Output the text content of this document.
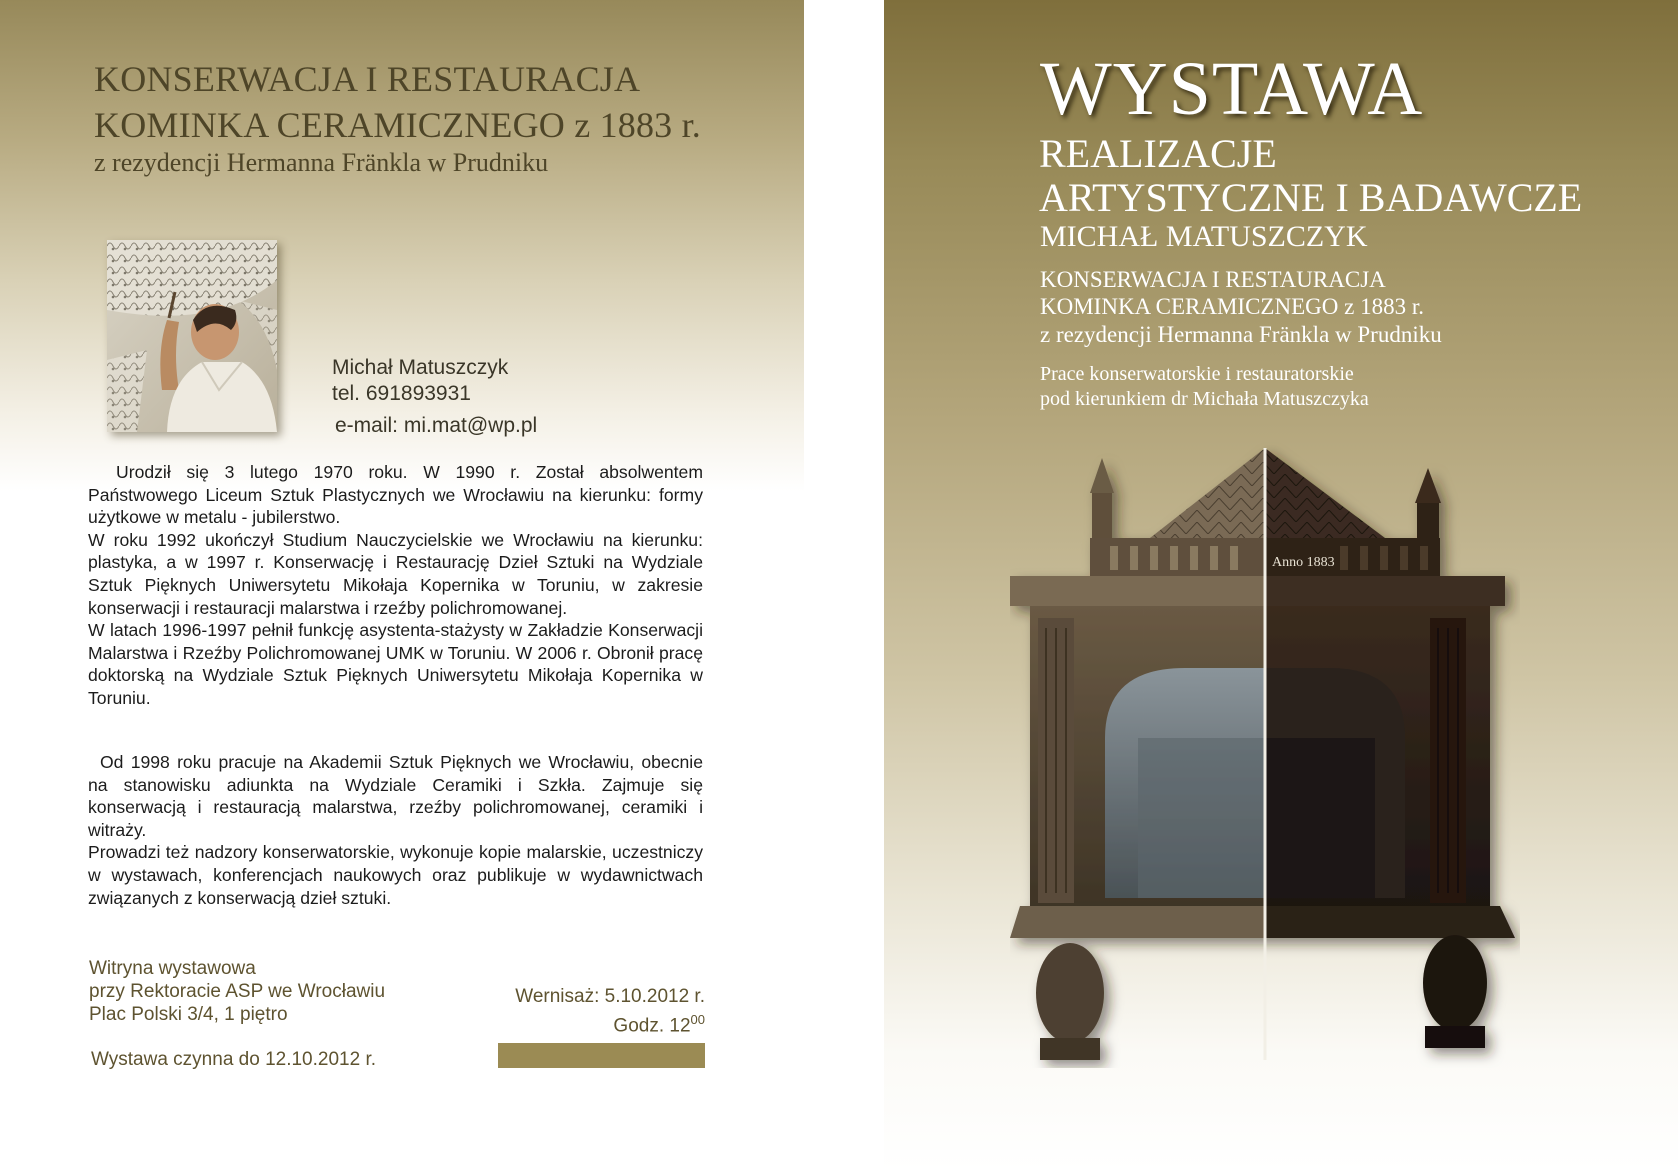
KONSERWACJA I RESTAURACJA
KOMINKA CERAMICZNEGO z 1883 r.
z rezydencji Hermanna Fränkla w Prudniku
Michał Matuszczyk
tel. 691893931
e-mail: mi.mat@wp.pl

Urodził się 3 lutego 1970 roku. W 1990 r. Został absolwentem Państwowego Liceum Sztuk Plastycznych we Wrocławiu na kierunku: formy użytkowe w metalu - jubilerstwo.

W roku 1992 ukończył Studium Nauczycielskie we Wrocławiu na kierunku: plastyka, a w 1997 r. Konserwację i Restaurację Dzieł Sztuki na Wydziale Sztuk Pięknych Uniwersytetu Mikołaja Kopernika w Toruniu, w zakresie konserwacji i restauracji malarstwa i rzeźby polichromowanej.

W latach 1996-1997 pełnił funkcję asystenta-stażysty w Zakładzie Konserwacji Malarstwa i Rzeźby Polichromowanej UMK w Toruniu. W 2006 r. Obronił pracę doktorską na Wydziale Sztuk Pięknych Uniwersytetu Mikołaja Kopernika w Toruniu.

Od 1998 roku pracuje na Akademii Sztuk Pięknych we Wrocławiu, obecnie na stanowisku adiunkta na Wydziale Ceramiki i Szkła. Zajmuje się konserwacją i restauracją malarstwa, rzeźby polichromowanej, ceramiki i witraży.

Prowadzi też nadzory konserwatorskie, wykonuje kopie malarskie, uczestniczy w wystawach, konferencjach naukowych oraz publikuje w wydawnictwach związanych z konserwacją dzieł sztuki.

Witryna wystawowa
przy Rektoracie ASP we Wrocławiu
Plac Polski 3/4, 1 piętro
Wernisaż: 5.10.2012 r.
Godz. $12^{00}$
Wystawa czynna do 12.10.2012 r.
WYSTAWA
REALIZACJE
ARTYSTYCZNE I BADAWCZE
MICHAŁ MATUSZCZYK
KONSERWACJA I RESTAURACJA
KOMINKA CERAMICZNEGO z 1883 r.
z rezydencji Hermanna Fränkla w Prudniku
Prace konserwatorskie i restauratorskie
pod kierunkiem dr Michała Matuszczyka
Anno 1883
